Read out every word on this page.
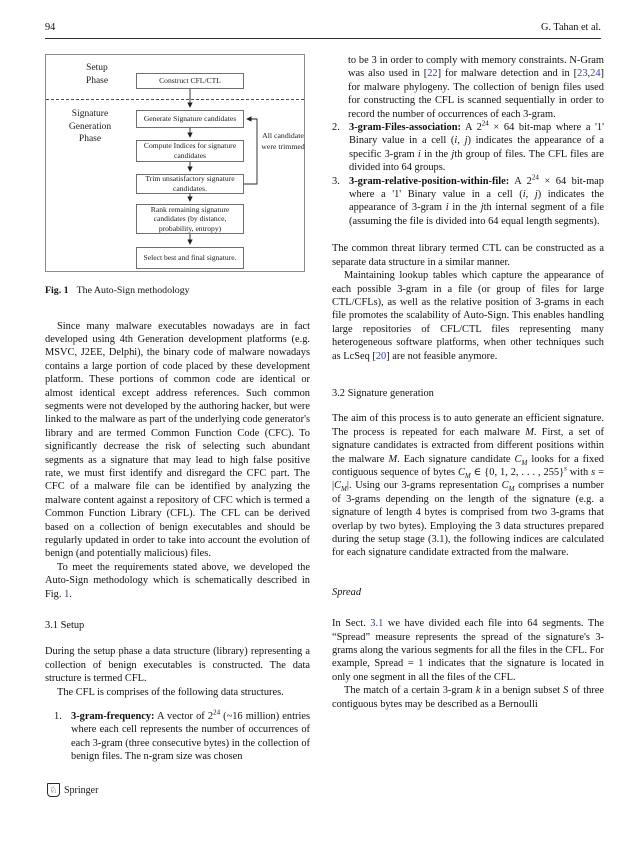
94	G. Tahan et al.
Setup Phase
Signature Generation Phase
Construct CFL/CTL
Generate Signature candidates
Compute Indices for signature candidates
Trim unsatisfactory signature candidates.
Rank remaining signature candidates (by distance, probability, entropy)
Select best and final signature.
All candidate were trimmed
Fig. 1 The Auto-Sign methodology

Since many malware executables nowadays are in fact developed using 4th Generation development platforms (e.g. MSVC, J2EE, Delphi), the binary code of malware nowadays contains a large portion of code placed by these development platform. These portions of common code are identical or almost identical except address references. Such common segments were not developed by the authoring hacker, but were linked to the malware as part of the underlying code generator's library and are termed Common Function Code (CFC). To significantly decrease the risk of selecting such abundant segments as a signature that may lead to high false positive rate, we must first identify and disregard the CFC part. The CFC of a malware file can be identified by analyzing the malware content against a repository of CFC which is termed a Common Function Library (CFL). The CFL can be derived based on a collection of benign executables and should be regularly updated in order to take into account the evolution of benign (and potentially malicious) files.

To meet the requirements stated above, we developed the Auto-Sign methodology which is schematically described in Fig. 1.

3.1 Setup

During the setup phase a data structure (library) representing a collection of benign executables is constructed. The data structure is termed CFL.

The CFL is comprises of the following data structures.

1. 3-gram-frequency: A vector of $2^{24}$ (~16 million) entries where each cell represents the number of occurrences of each 3-gram (three consecutive bytes) in the collection of benign files. The n-gram size was chosen

to be 3 in order to comply with memory constraints. N-Gram was also used in [22] for malware detection and in [23,24] for malware phylogeny. The collection of benign files used for constructing the CFL is scanned sequentially in order to record the number of occurrences of each 3-gram.

2. 3-gram-Files-association: A $2^{24} \times 64$ bit-map where a '1' Binary value in a cell (i, j) indicates the appearance of a specific 3-gram i in the jth group of files. The CFL files are divided into 64 groups.
3. 3-gram-relative-position-within-file: A $2^{24} \times 64$ bit-map where a '1' Binary value in a cell (i, j) indicates the appearance of 3-gram i in the jth internal segment of a file (assuming the file is divided into 64 equal length segments).

The common threat library termed CTL can be constructed as a separate data structure in a similar manner.

Maintaining lookup tables which capture the appearance of each possible 3-gram in a file (or group of files for large CTL/CFLs), as well as the relative position of 3-grams in each file promotes the scalability of Auto-Sign. This enables handling large repositories of CFL/CTL files representing many heterogeneous software platforms, when other techniques such as LcSeq [20] are not feasible anymore.

3.2 Signature generation

The aim of this process is to auto generate an efficient signature. The process is repeated for each malware M. First, a set of signature candidates is extracted from different positions within the malware M. Each signature candidate $C_M$ looks for a fixed contiguous sequence of bytes $C_M$ ∈ {0, 1, 2, . . . , 255}$^s$ with $s = |C_M|$. Using our 3-grams representation $C_M$ comprises a number of 3-grams depending on the length of the signature (e.g. a signature of length 4 bytes is comprised from two 3-grams that overlap by two bytes). Employing the 3 data structures prepared during the setup stage (3.1), the following indices are calculated for each signature candidate extracted from the malware.

Spread

In Sect. 3.1 we have divided each file into 64 segments. The “Spread” measure represents the spread of the signature's 3-grams along the various segments for all the files in the CFL. For example, Spread = 1 indicates that the signature is located in only one segment in all the files of the CFL.

The match of a certain 3-gram k in a benign subset S of three contiguous bytes may be described as a Bernoulli

♘ Springer
